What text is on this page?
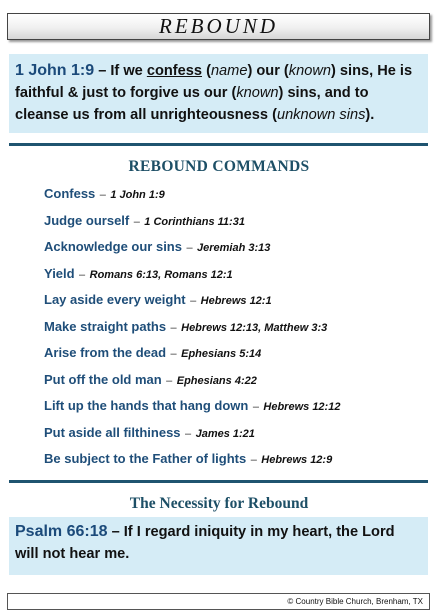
REBOUND
1 John 1:9 – If we confess (name) our (known) sins, He is faithful & just to forgive us our (known) sins, and to cleanse us from all unrighteousness (unknown sins).
REBOUND COMMANDS
Confess – 1 John 1:9
Judge ourself – 1 Corinthians 11:31
Acknowledge our sins – Jeremiah 3:13
Yield – Romans 6:13, Romans 12:1
Lay aside every weight – Hebrews 12:1
Make straight paths – Hebrews 12:13, Matthew 3:3
Arise from the dead – Ephesians 5:14
Put off the old man – Ephesians 4:22
Lift up the hands that hang down – Hebrews 12:12
Put aside all filthiness – James 1:21
Be subject to the Father of lights – Hebrews 12:9
The Necessity for Rebound
Psalm 66:18 – If I regard iniquity in my heart, the Lord will not hear me.
© Country Bible Church, Brenham, TX
